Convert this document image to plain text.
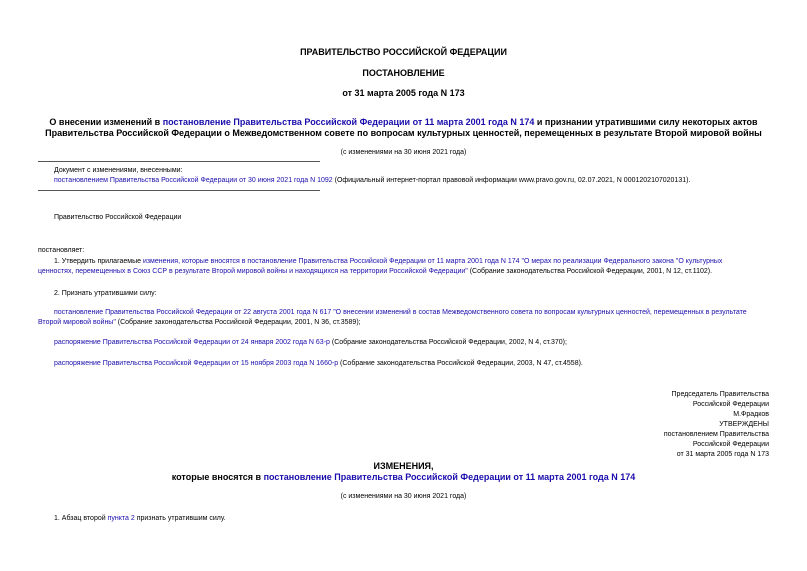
ПРАВИТЕЛЬСТВО РОССИЙСКОЙ ФЕДЕРАЦИИ
ПОСТАНОВЛЕНИЕ
от 31 марта 2005 года N 173
О внесении изменений в постановление Правительства Российской Федерации от 11 марта 2001 года N 174 и признании утратившими силу некоторых актов
Правительства Российской Федерации о Межведомственном совете по вопросам культурных ценностей, перемещенных в результате Второй мировой войны
(с изменениями на 30 июня 2021 года)
Документ с изменениями, внесенными:
постановлением Правительства Российской Федерации от 30 июня 2021 года N 1092 (Официальный интернет-портал правовой информации www.pravo.gov.ru, 02.07.2021, N 0001202107020131).
Правительство Российской Федерации
постановляет:
1. Утвердить прилагаемые изменения, которые вносятся в постановление Правительства Российской Федерации от 11 марта 2001 года N 174 "О мерах по реализации Федерального закона "О культурных
ценностях, перемещенных в Союз ССР в результате Второй мировой войны и находящихся на территории Российской Федерации" (Собрание законодательства Российской Федерации, 2001, N 12, ст.1102).
2. Признать утратившими силу:
постановление Правительства Российской Федерации от 22 августа 2001 года N 617 "О внесении изменений в состав Межведомственного совета по вопросам культурных ценностей, перемещенных в результате
Второй мировой войны" (Собрание законодательства Российской Федерации, 2001, N 36, ст.3589);
распоряжение Правительства Российской Федерации от 24 января 2002 года N 63-р (Собрание законодательства Российской Федерации, 2002, N 4, ст.370);
распоряжение Правительства Российской Федерации от 15 ноября 2003 года N 1660-р (Собрание законодательства Российской Федерации, 2003, N 47, ст.4558).
Председатель Правительства
Российской Федерации
М.Фрадков
УТВЕРЖДЕНЫ
постановлением Правительства
Российской Федерации
от 31 марта 2005 года N 173
ИЗМЕНЕНИЯ,
которые вносятся в постановление Правительства Российской Федерации от 11 марта 2001 года N 174
(с изменениями на 30 июня 2021 года)
1. Абзац второй пункта 2 признать утратившим силу.
